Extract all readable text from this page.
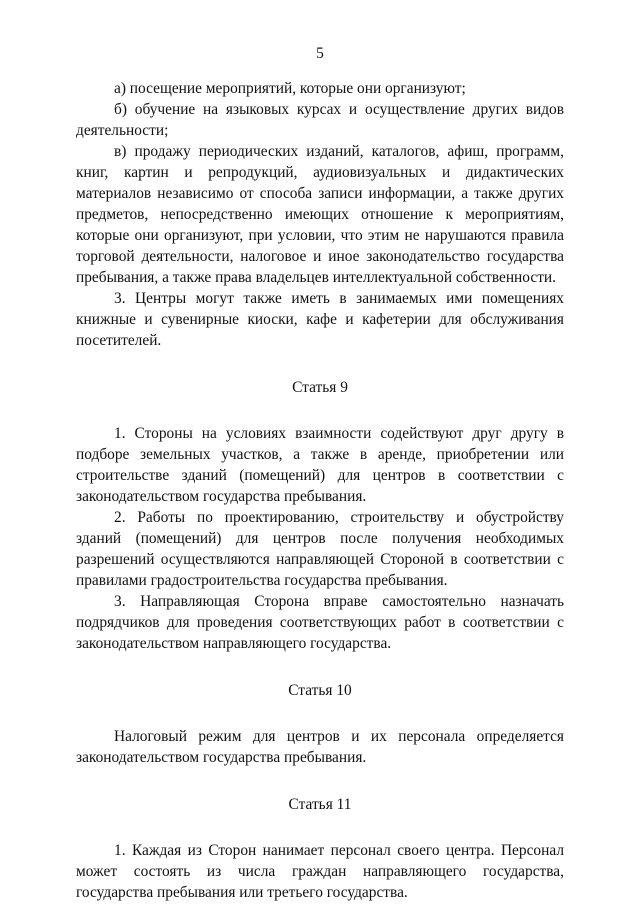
5

а) посещение мероприятий, которые они организуют;

б) обучение на языковых курсах и осуществление других видов деятельности;

в) продажу периодических изданий, каталогов, афиш, программ, книг, картин и репродукций, аудиовизуальных и дидактических материалов независимо от способа записи информации, а также других предметов, непосредственно имеющих отношение к мероприятиям, которые они организуют, при условии, что этим не нарушаются правила торговой деятельности, налоговое и иное законодательство государства пребывания, а также права владельцев интеллектуальной собственности.

3. Центры могут также иметь в занимаемых ими помещениях книжные и сувенирные киоски, кафе и кафетерии для обслуживания посетителей.

Статья 9

1. Стороны на условиях взаимности содействуют друг другу в подборе земельных участков, а также в аренде, приобретении или строительстве зданий (помещений) для центров в соответствии с законодательством государства пребывания.

2. Работы по проектированию, строительству и обустройству зданий (помещений) для центров после получения необходимых разрешений осуществляются направляющей Стороной в соответствии с правилами градостроительства государства пребывания.

3. Направляющая Сторона вправе самостоятельно назначать подрядчиков для проведения соответствующих работ в соответствии с законодательством направляющего государства.

Статья 10

Налоговый режим для центров и их персонала определяется законодательством государства пребывания.

Статья 11

1. Каждая из Сторон нанимает персонал своего центра. Персонал может состоять из числа граждан направляющего государства, государства пребывания или третьего государства.
